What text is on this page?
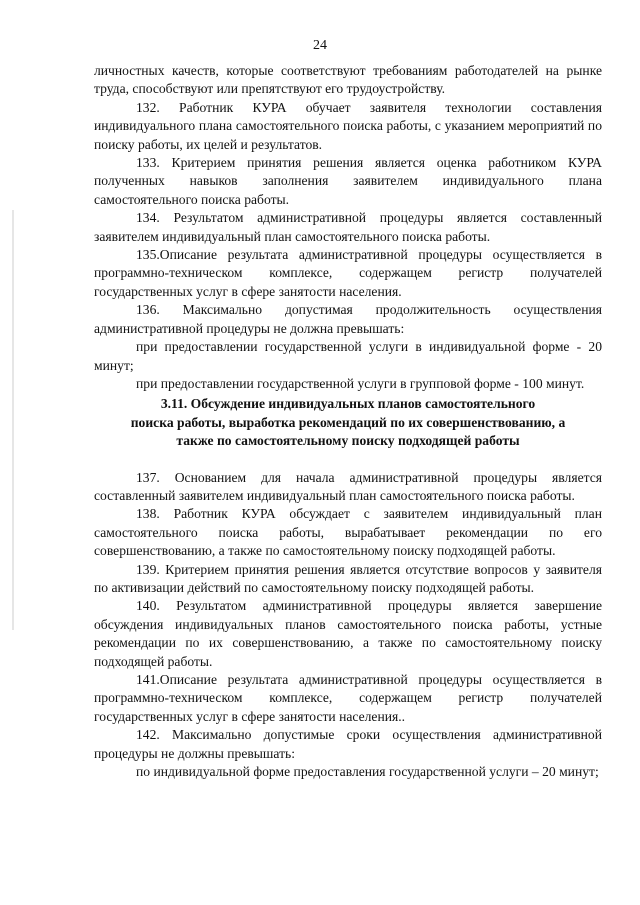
24

личностных качеств, которые соответствуют требованиям работодателей на рынке труда, способствуют или препятствуют его трудоустройству.

132. Работник КУРА обучает заявителя технологии составления индивидуального плана самостоятельного поиска работы, с указанием мероприятий по поиску работы, их целей и результатов.

133. Критерием принятия решения является оценка работником КУРА полученных навыков заполнения заявителем индивидуального плана самостоятельного поиска работы.

134. Результатом административной процедуры является составленный заявителем индивидуальный план самостоятельного поиска работы.

135.Описание результата административной процедуры осуществляется в программно-техническом комплексе, содержащем регистр получателей государственных услуг в сфере занятости населения.

136. Максимально допустимая продолжительность осуществления административной процедуры не должна превышать:

при предоставлении государственной услуги в индивидуальной форме - 20 минут;

при предоставлении государственной услуги в групповой форме - 100 минут.

3.11. Обсуждение индивидуальных планов самостоятельного
поиска работы, выработка рекомендаций по их совершенствованию, а
также по самостоятельному поиску подходящей работы

137. Основанием для начала административной процедуры является составленный заявителем индивидуальный план самостоятельного поиска работы.

138. Работник КУРА обсуждает с заявителем индивидуальный план самостоятельного поиска работы, вырабатывает рекомендации по его совершенствованию, а также по самостоятельному поиску подходящей работы.

139. Критерием принятия решения является отсутствие вопросов у заявителя по активизации действий по самостоятельному поиску подходящей работы.

140. Результатом административной процедуры является завершение обсуждения индивидуальных планов самостоятельного поиска работы, устные рекомендации по их совершенствованию, а также по самостоятельному поиску подходящей работы.

141.Описание результата административной процедуры осуществляется в программно-техническом комплексе, содержащем регистр получателей государственных услуг в сфере занятости населения..

142. Максимально допустимые сроки осуществления административной процедуры не должны превышать:

по индивидуальной форме предоставления государственной услуги – 20 минут;
